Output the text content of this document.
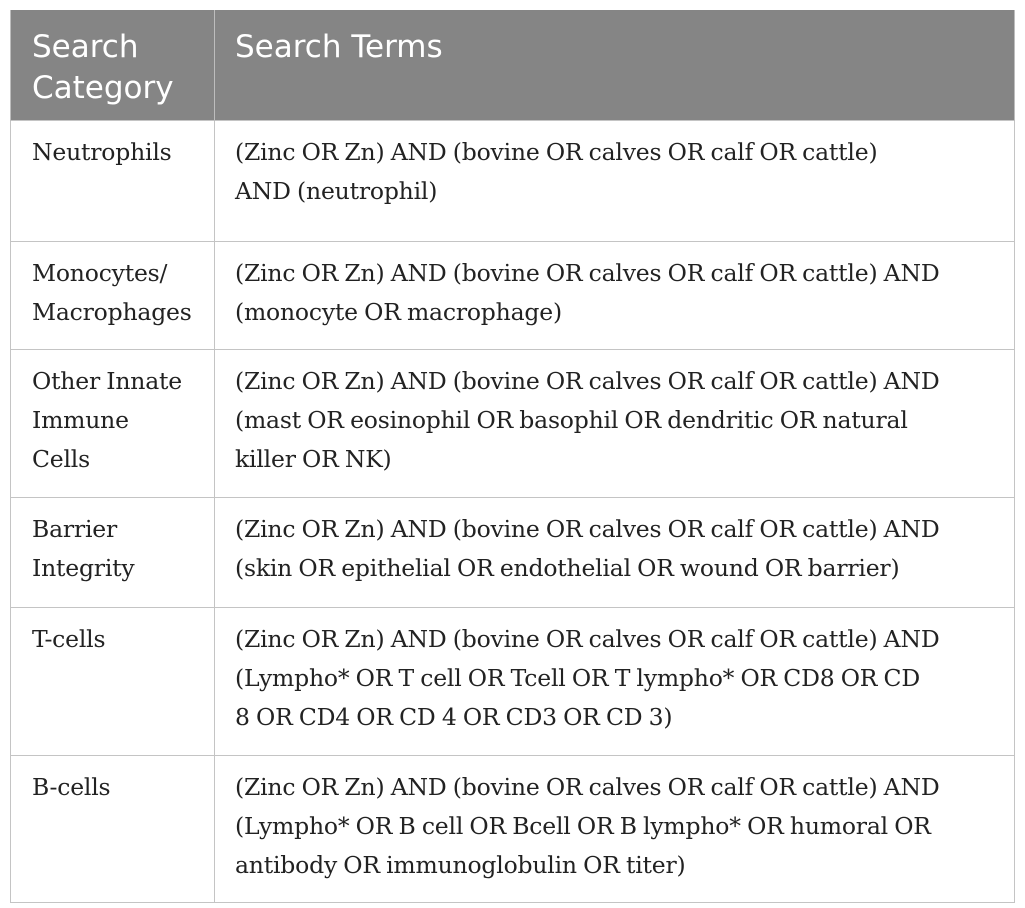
Search
Category	Search Terms
Neutrophils	(Zinc OR Zn) AND (bovine OR calves OR calf OR cattle)
AND (neutrophil)
Monocytes/
Macrophages	(Zinc OR Zn) AND (bovine OR calves OR calf OR cattle) AND
(monocyte OR macrophage)
Other Innate
Immune
Cells	(Zinc OR Zn) AND (bovine OR calves OR calf OR cattle) AND
(mast OR eosinophil OR basophil OR dendritic OR natural
killer OR NK)
Barrier
Integrity	(Zinc OR Zn) AND (bovine OR calves OR calf OR cattle) AND
(skin OR epithelial OR endothelial OR wound OR barrier)
T-cells	(Zinc OR Zn) AND (bovine OR calves OR calf OR cattle) AND
(Lympho* OR T cell OR Tcell OR T lympho* OR CD8 OR CD
8 OR CD4 OR CD 4 OR CD3 OR CD 3)
B-cells	(Zinc OR Zn) AND (bovine OR calves OR calf OR cattle) AND
(Lympho* OR B cell OR Bcell OR B lympho* OR humoral OR
antibody OR immunoglobulin OR titer)
